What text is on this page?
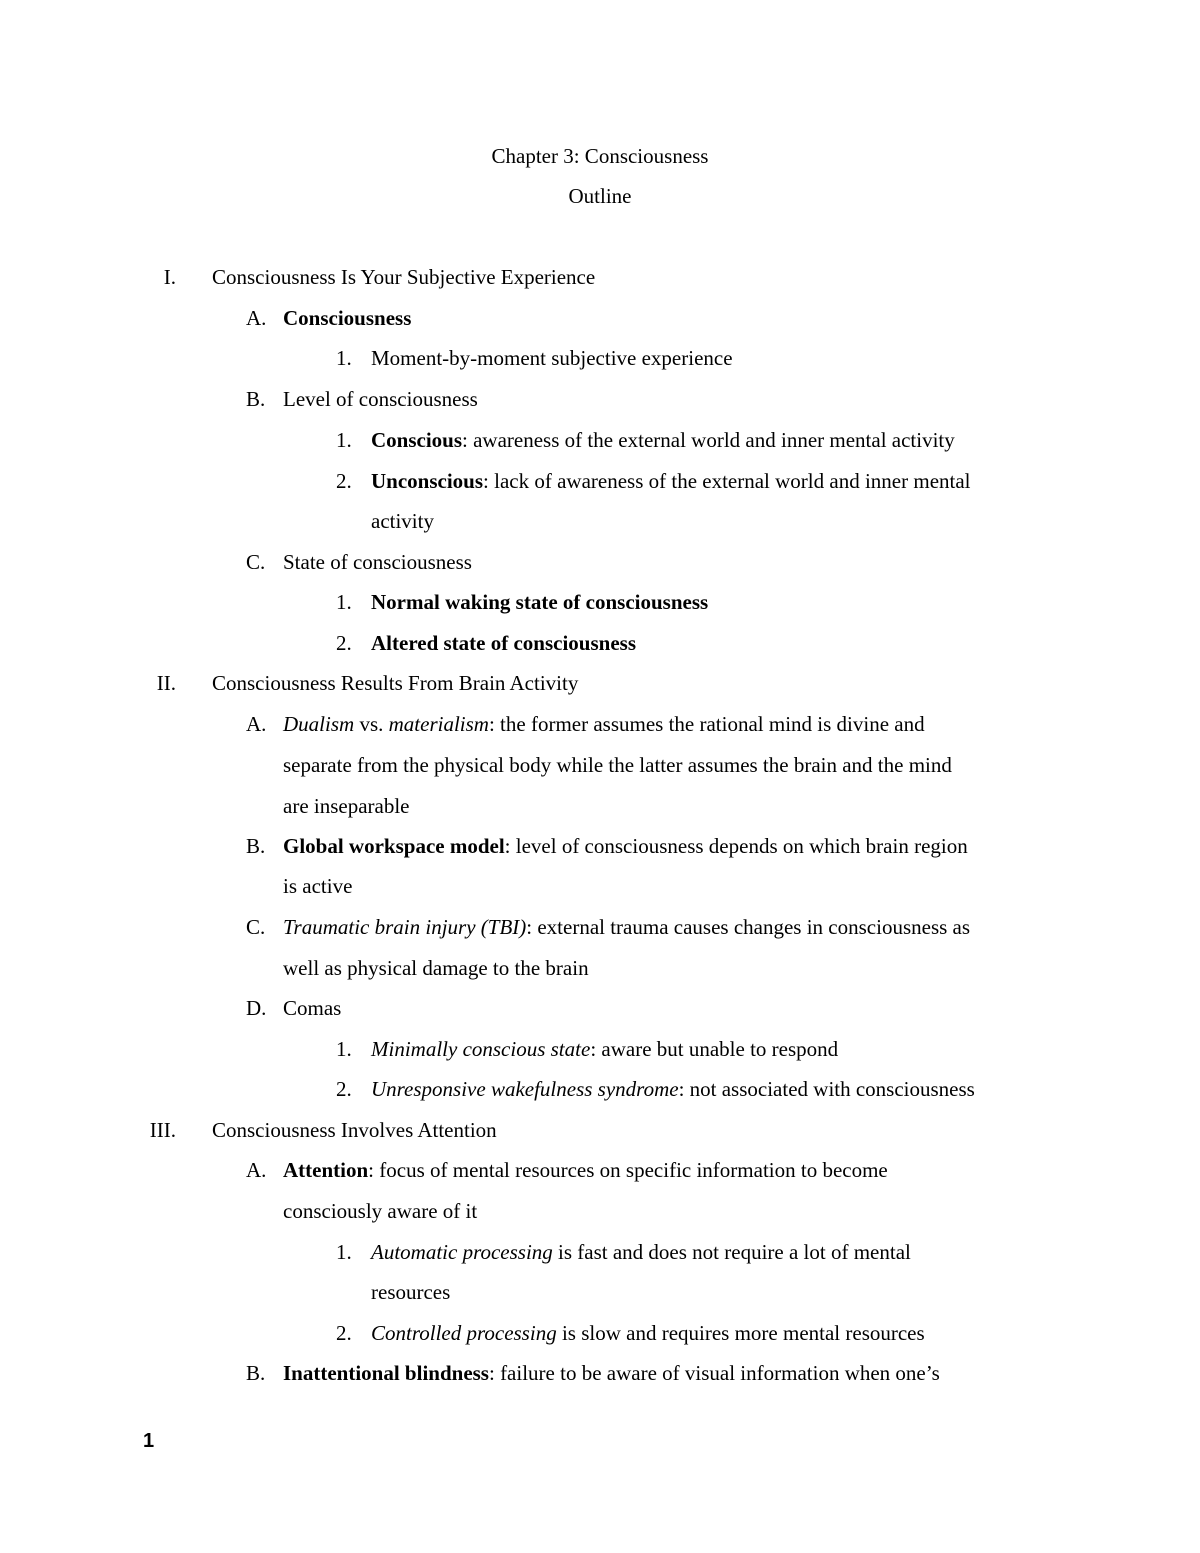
Chapter 3: Consciousness
Outline
I. Consciousness Is Your Subjective Experience
A. Consciousness
1. Moment-by-moment subjective experience
B. Level of consciousness
1. Conscious: awareness of the external world and inner mental activity
2. Unconscious: lack of awareness of the external world and inner mental
activity
C. State of consciousness
1. Normal waking state of consciousness
2. Altered state of consciousness
II. Consciousness Results From Brain Activity
A. Dualism vs. materialism: the former assumes the rational mind is divine and
separate from the physical body while the latter assumes the brain and the mind
are inseparable
B. Global workspace model: level of consciousness depends on which brain region
is active
C. Traumatic brain injury (TBI): external trauma causes changes in consciousness as
well as physical damage to the brain
D. Comas
1. Minimally conscious state: aware but unable to respond
2. Unresponsive wakefulness syndrome: not associated with consciousness
III. Consciousness Involves Attention
A. Attention: focus of mental resources on specific information to become
consciously aware of it
1. Automatic processing is fast and does not require a lot of mental
resources
2. Controlled processing is slow and requires more mental resources
B. Inattentional blindness: failure to be aware of visual information when one’s
1
